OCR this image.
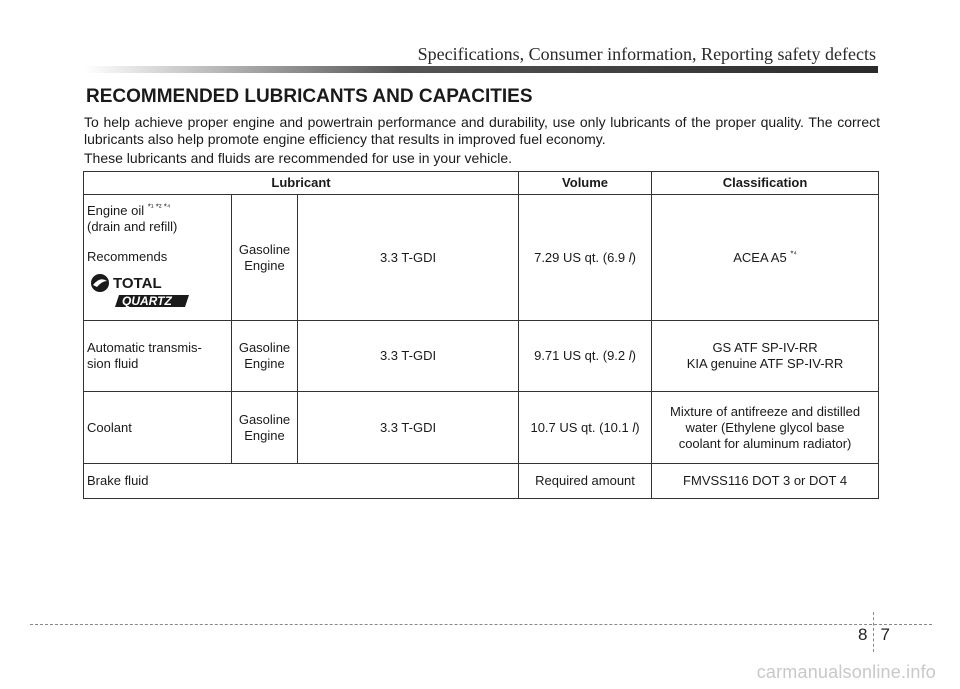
Specifications, Consumer information, Reporting safety defects
RECOMMENDED LUBRICANTS AND CAPACITIES
To help achieve proper engine and powertrain performance and durability, use only lubricants of the proper quality. The correct lubricants also help promote engine efficiency that results in improved fuel economy.
These lubricants and fluids are recommended for use in your vehicle.
Lubricant			Volume	Classification

Engine oil $^{*^1 *^2 *^4}$
(drain and refill)
Recommends
TOTAL
QUARTZ	Gasoline Engine	3.3 T-GDI	7.29 US qt. (6.9 l)	ACEA A5 $^{*^4}$
Automatic transmis- sion fluid	Gasoline Engine	3.3 T-GDI	9.71 US qt. (9.2 l)	GS ATF SP-IV-RR
KIA genuine ATF SP-IV-RR

Coolant	Gasoline Engine	3.3 T-GDI	10.7 US qt. (10.1 l)	Mixture of antifreeze and distilled water (Ethylene glycol base coolant for aluminum radiator)
Brake fluid			Required amount	FMVSS116 DOT 3 or DOT 4
8 7
carmanualsonline.info
